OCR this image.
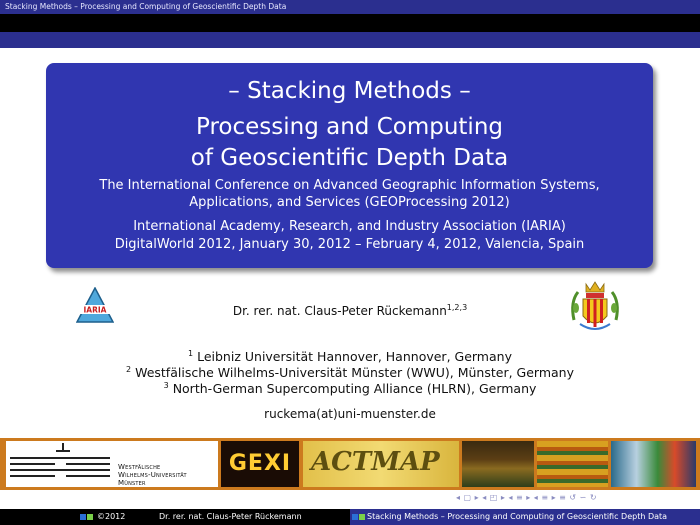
Stacking Methods – Processing and Computing of Geoscientific Depth Data
– Stacking Methods –
Processing and Computing
of Geoscientific Depth Data
The International Conference on Advanced Geographic Information Systems,
Applications, and Services (GEOProcessing 2012)
International Academy, Research, and Industry Association (IARIA)
DigitalWorld 2012, January 30, 2012 – February 4, 2012, Valencia, Spain
IARIA	Dr. rer. nat. Claus-Peter Rückemann$^{1,2,3}$
$^1$ Leibniz Universität Hannover, Hannover, Germany
$^2$ Westfälische Wilhelms-Universität Münster (WWU), Münster, Germany
$^3$ North-German Supercomputing Alliance (HLRN), Germany
ruckema(at)uni-muenster.de
Westfälische
Wilhelms-Universität
Münster
GEXI ACTMAP
◂ ▢ ▸ ◂ ◰ ▸ ◂ ≡ ▸ ◂ ≡ ▸ ≡ ↺ ∽ ↻
©2012	Dr. rer. nat. Claus-Peter Rückemann	Stacking Methods – Processing and Computing of Geoscientific Depth Data
